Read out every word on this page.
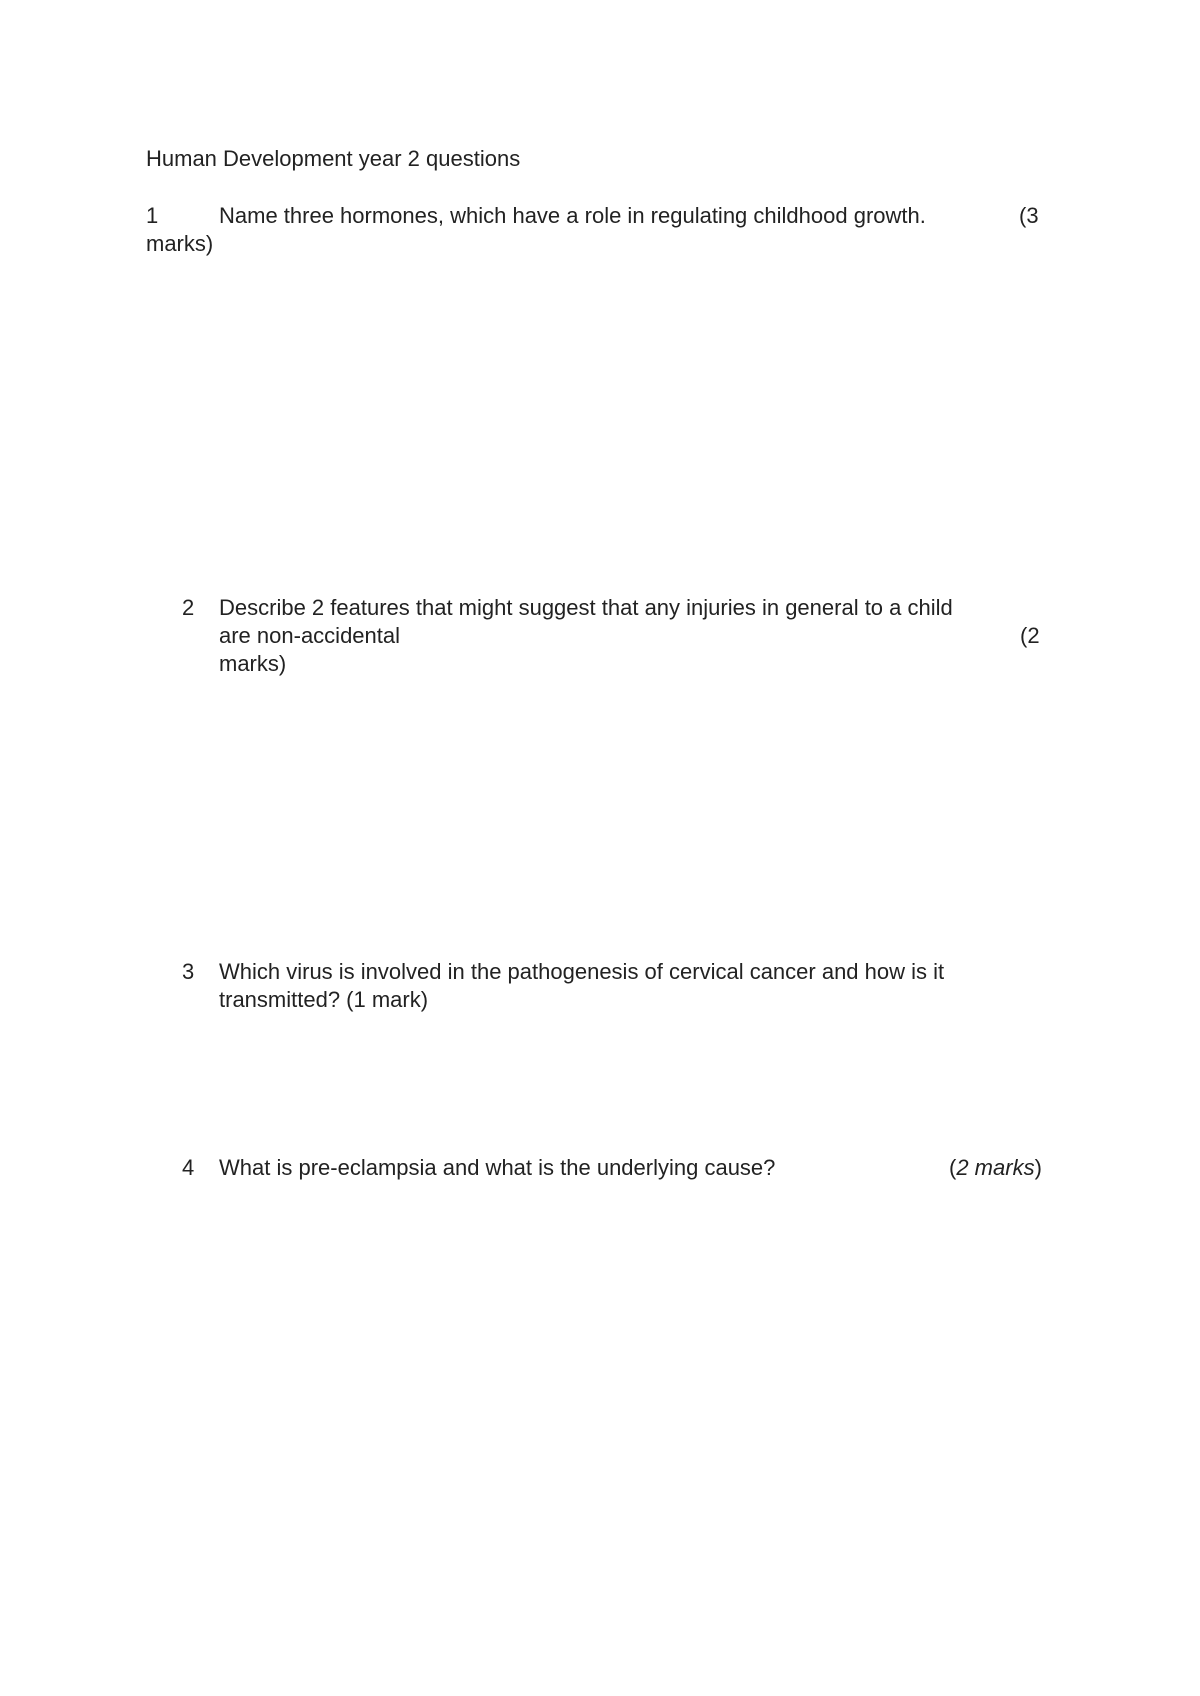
Human Development year 2 questions
1	Name three hormones, which have a role in regulating childhood growth.	(3
marks)
2 Describe 2 features that might suggest that any injuries in general to a child
are non-accidental
marks)
(2
3 Which virus is involved in the pathogenesis of cervical cancer and how is it
transmitted? (1 mark)
4 What is pre-eclampsia and what is the underlying cause?	(2 marks)
